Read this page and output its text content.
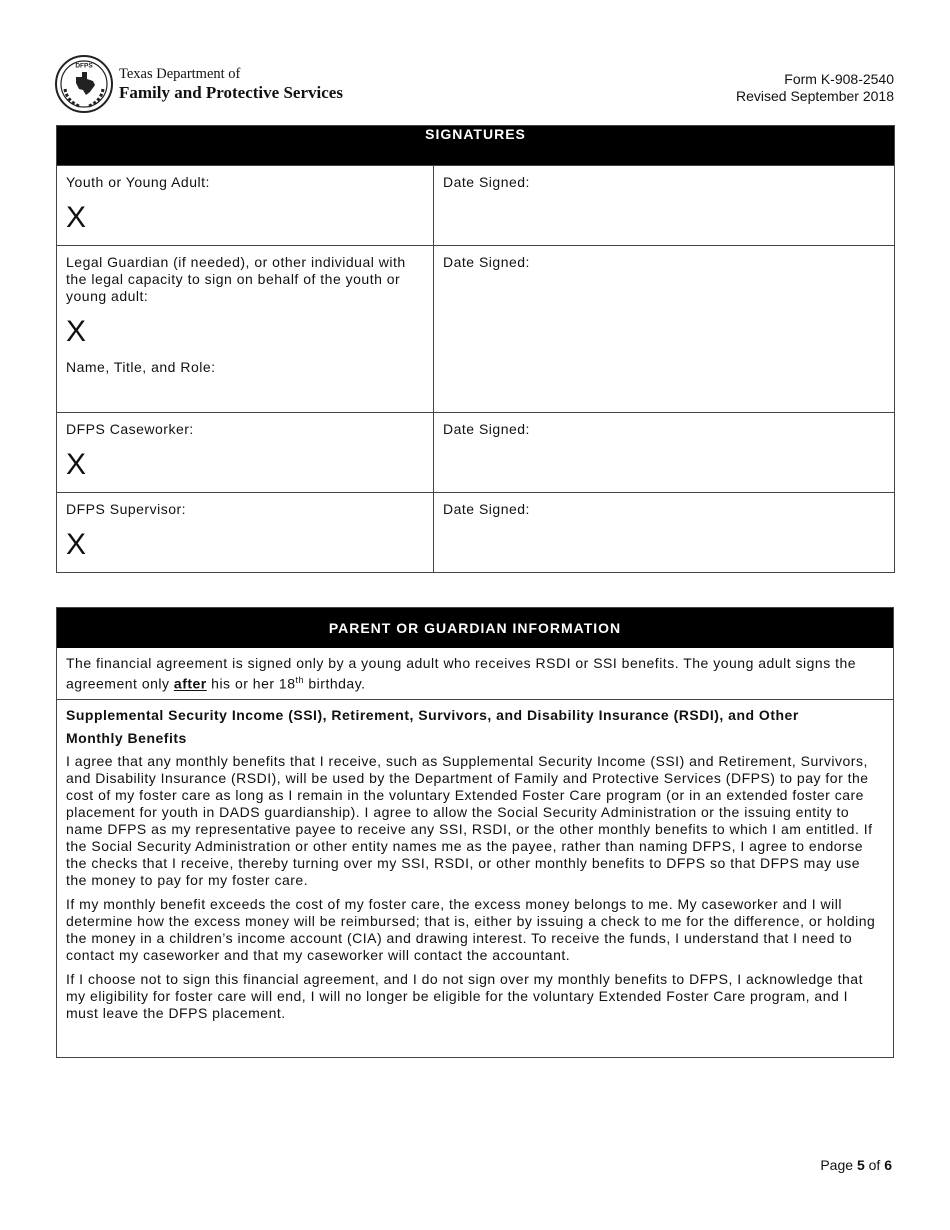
DFPS Texas Department of
Family and Protective Services
Form K-908-2540
Revised September 2018
SIGNATURES	

Youth or Young Adult:
X	Date Signed:

Legal Guardian (if needed), or other individual with the legal capacity to sign on behalf of the youth or young adult:
X
Name, Title, and Role:	Date Signed:

DFPS Caseworker:
X	Date Signed:

DFPS Supervisor:
X	Date Signed:
PARENT OR GUARDIAN INFORMATION
The financial agreement is signed only by a young adult who receives RSDI or SSI benefits. The young adult signs the agreement only after his or her 18th birthday.
Supplemental Security Income (SSI), Retirement, Survivors, and Disability Insurance (RSDI), and Other
Monthly Benefits

I agree that any monthly benefits that I receive, such as Supplemental Security Income (SSI) and Retirement, Survivors, and Disability Insurance (RSDI), will be used by the Department of Family and Protective Services (DFPS) to pay for the cost of my foster care as long as I remain in the voluntary Extended Foster Care program (or in an extended foster care placement for youth in DADS guardianship). I agree to allow the Social Security Administration or the issuing entity to name DFPS as my representative payee to receive any SSI, RSDI, or the other monthly benefits to which I am entitled. If the Social Security Administration or other entity names me as the payee, rather than naming DFPS, I agree to endorse the checks that I receive, thereby turning over my SSI, RSDI, or other monthly benefits to DFPS so that DFPS may use the money to pay for my foster care.

If my monthly benefit exceeds the cost of my foster care, the excess money belongs to me. My caseworker and I will determine how the excess money will be reimbursed; that is, either by issuing a check to me for the difference, or holding the money in a children’s income account (CIA) and drawing interest. To receive the funds, I understand that I need to contact my caseworker and that my caseworker will contact the accountant.

If I choose not to sign this financial agreement, and I do not sign over my monthly benefits to DFPS, I acknowledge that my eligibility for foster care will end, I will no longer be eligible for the voluntary Extended Foster Care program, and I must leave the DFPS placement.

Page 5 of 6
